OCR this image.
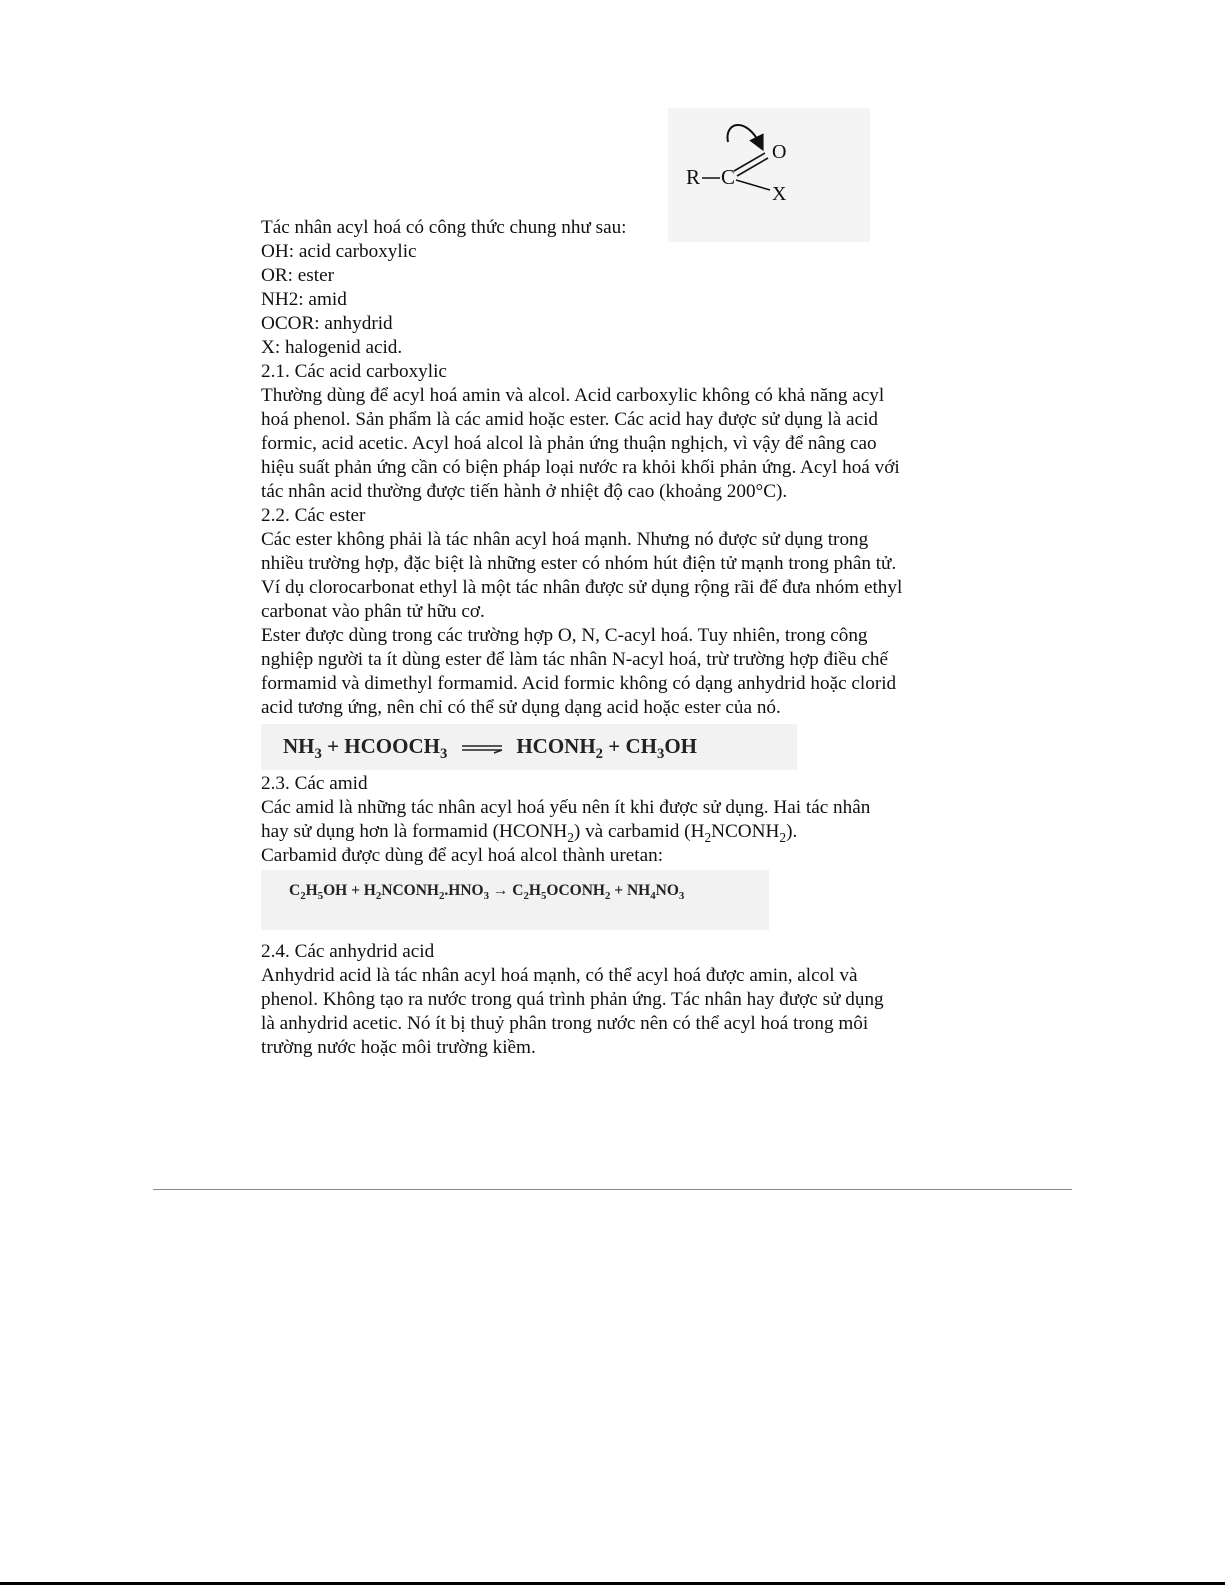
R C
O
X
Tác nhân acyl hoá có công thức chung như sau:
OH: acid carboxylic
OR: ester
NH2: amid
OCOR: anhydrid
X: halogenid acid.
2.1. Các acid carboxylic
Thường dùng để acyl hoá amin và alcol. Acid carboxylic không có khả năng acyl
hoá phenol. Sản phẩm là các amid hoặc ester. Các acid hay được sử dụng là acid
formic, acid acetic. Acyl hoá alcol là phản ứng thuận nghịch, vì vậy để nâng cao
hiệu suất phản ứng cần có biện pháp loại nước ra khỏi khối phản ứng. Acyl hoá với
tác nhân acid thường được tiến hành ở nhiệt độ cao (khoảng 200°C).
2.2. Các ester
Các ester không phải là tác nhân acyl hoá mạnh. Nhưng nó được sử dụng trong
nhiều trường hợp, đặc biệt là những ester có nhóm hút điện tử mạnh trong phân tử.
Ví dụ clorocarbonat ethyl là một tác nhân được sử dụng rộng rãi để đưa nhóm ethyl
carbonat vào phân tử hữu cơ.
Ester được dùng trong các trường hợp O, N, C-acyl hoá. Tuy nhiên, trong công
nghiệp người ta ít dùng ester để làm tác nhân N-acyl hoá, trừ trường hợp điều chế
formamid và dimethyl formamid. Acid formic không có dạng anhydrid hoặc clorid
acid tương ứng, nên chỉ có thể sử dụng dạng acid hoặc ester của nó.
$NH_3$ + $HCOOCH_3$	$HCONH_2 + CH_3OH$
2.3. Các amid
Các amid là những tác nhân acyl hoá yếu nên ít khi được sử dụng. Hai tác nhân
hay sử dụng hơn là formamid $(HCONH_2)$ và carbamid $(H_2NCONH_2)$.
Carbamid được dùng để acyl hoá alcol thành uretan:
$C_2H_5OH$ + $H_2NCONH_2.HNO_3$ → $C_2H_5OCONH_2 + NH_4NO_3$
2.4. Các anhydrid acid
Anhydrid acid là tác nhân acyl hoá mạnh, có thể acyl hoá được amin, alcol và
phenol. Không tạo ra nước trong quá trình phản ứng. Tác nhân hay được sử dụng
là anhydrid acetic. Nó ít bị thuỷ phân trong nước nên có thể acyl hoá trong môi
trường nước hoặc môi trường kiềm.
